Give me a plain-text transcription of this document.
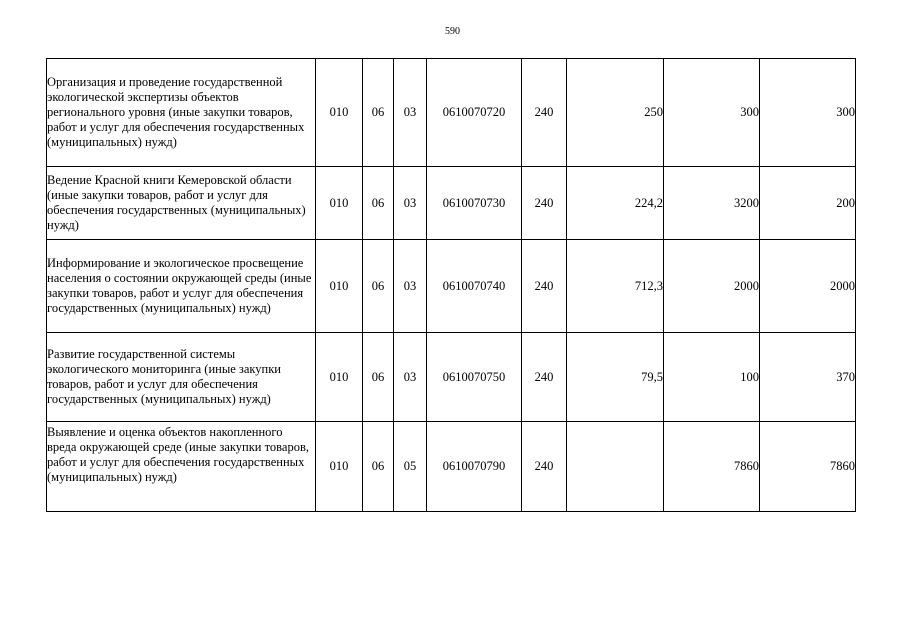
590
Организация и проведение государственной экологической экспертизы объектов регионального уровня (иные закупки товаров, работ и услуг для обеспечения государственных (муниципальных) нужд)	010	06	03	0610070720	240	250	300	300

Ведение Красной книги Кемеровской области (иные закупки товаров, работ и услуг для обеспечения государственных (муниципальных) нужд)	010	06	03	0610070730	240	224,2	3200	200

Информирование и экологическое просвещение населения о состоянии окружающей среды (иные закупки товаров, работ и услуг для обеспечения государственных (муниципальных) нужд)	010	06	03	0610070740	240	712,3	2000	2000

Развитие государственной системы экологического мониторинга (иные закупки товаров, работ и услуг для обеспечения государственных (муниципальных) нужд)	010	06	03	0610070750	240	79,5	100	370

Выявление и оценка объектов накопленного вреда окружающей среде (иные закупки товаров, работ и услуг для обеспечения государственных (муниципальных) нужд)	010	06	05	0610070790	240		7860	7860
